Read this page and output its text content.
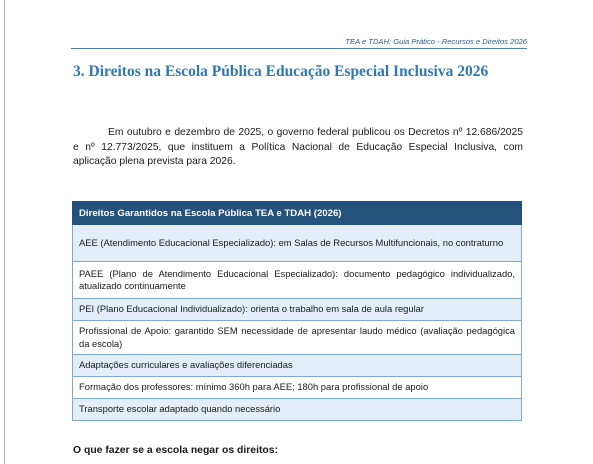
TEA e TDAH: Guia Prático - Recursos e Direitos 2026
3. Direitos na Escola Pública Educação Especial Inclusiva 2026

Em outubro e dezembro de 2025, o governo federal publicou os Decretos nº 12.686/2025 e nº 12.773/2025, que instituem a Política Nacional de Educação Especial Inclusiva, com aplicação plena prevista para 2026.

Direitos Garantidos na Escola Pública TEA e TDAH (2026)
AEE (Atendimento Educacional Especializado): em Salas de Recursos Multifuncionais, no contraturno
PAEE (Plano de Atendimento Educacional Especializado): documento pedagógico individualizado, atualizado continuamente
PEI (Plano Educacional Individualizado): orienta o trabalho em sala de aula regular
Profissional de Apoio: garantido SEM necessidade de apresentar laudo médico (avaliação pedagógica da escola)
Adaptações curriculares e avaliações diferenciadas
Formação dos professores: mínimo 360h para AEE; 180h para profissional de apoio
Transporte escolar adaptado quando necessário

O que fazer se a escola negar os direitos:
